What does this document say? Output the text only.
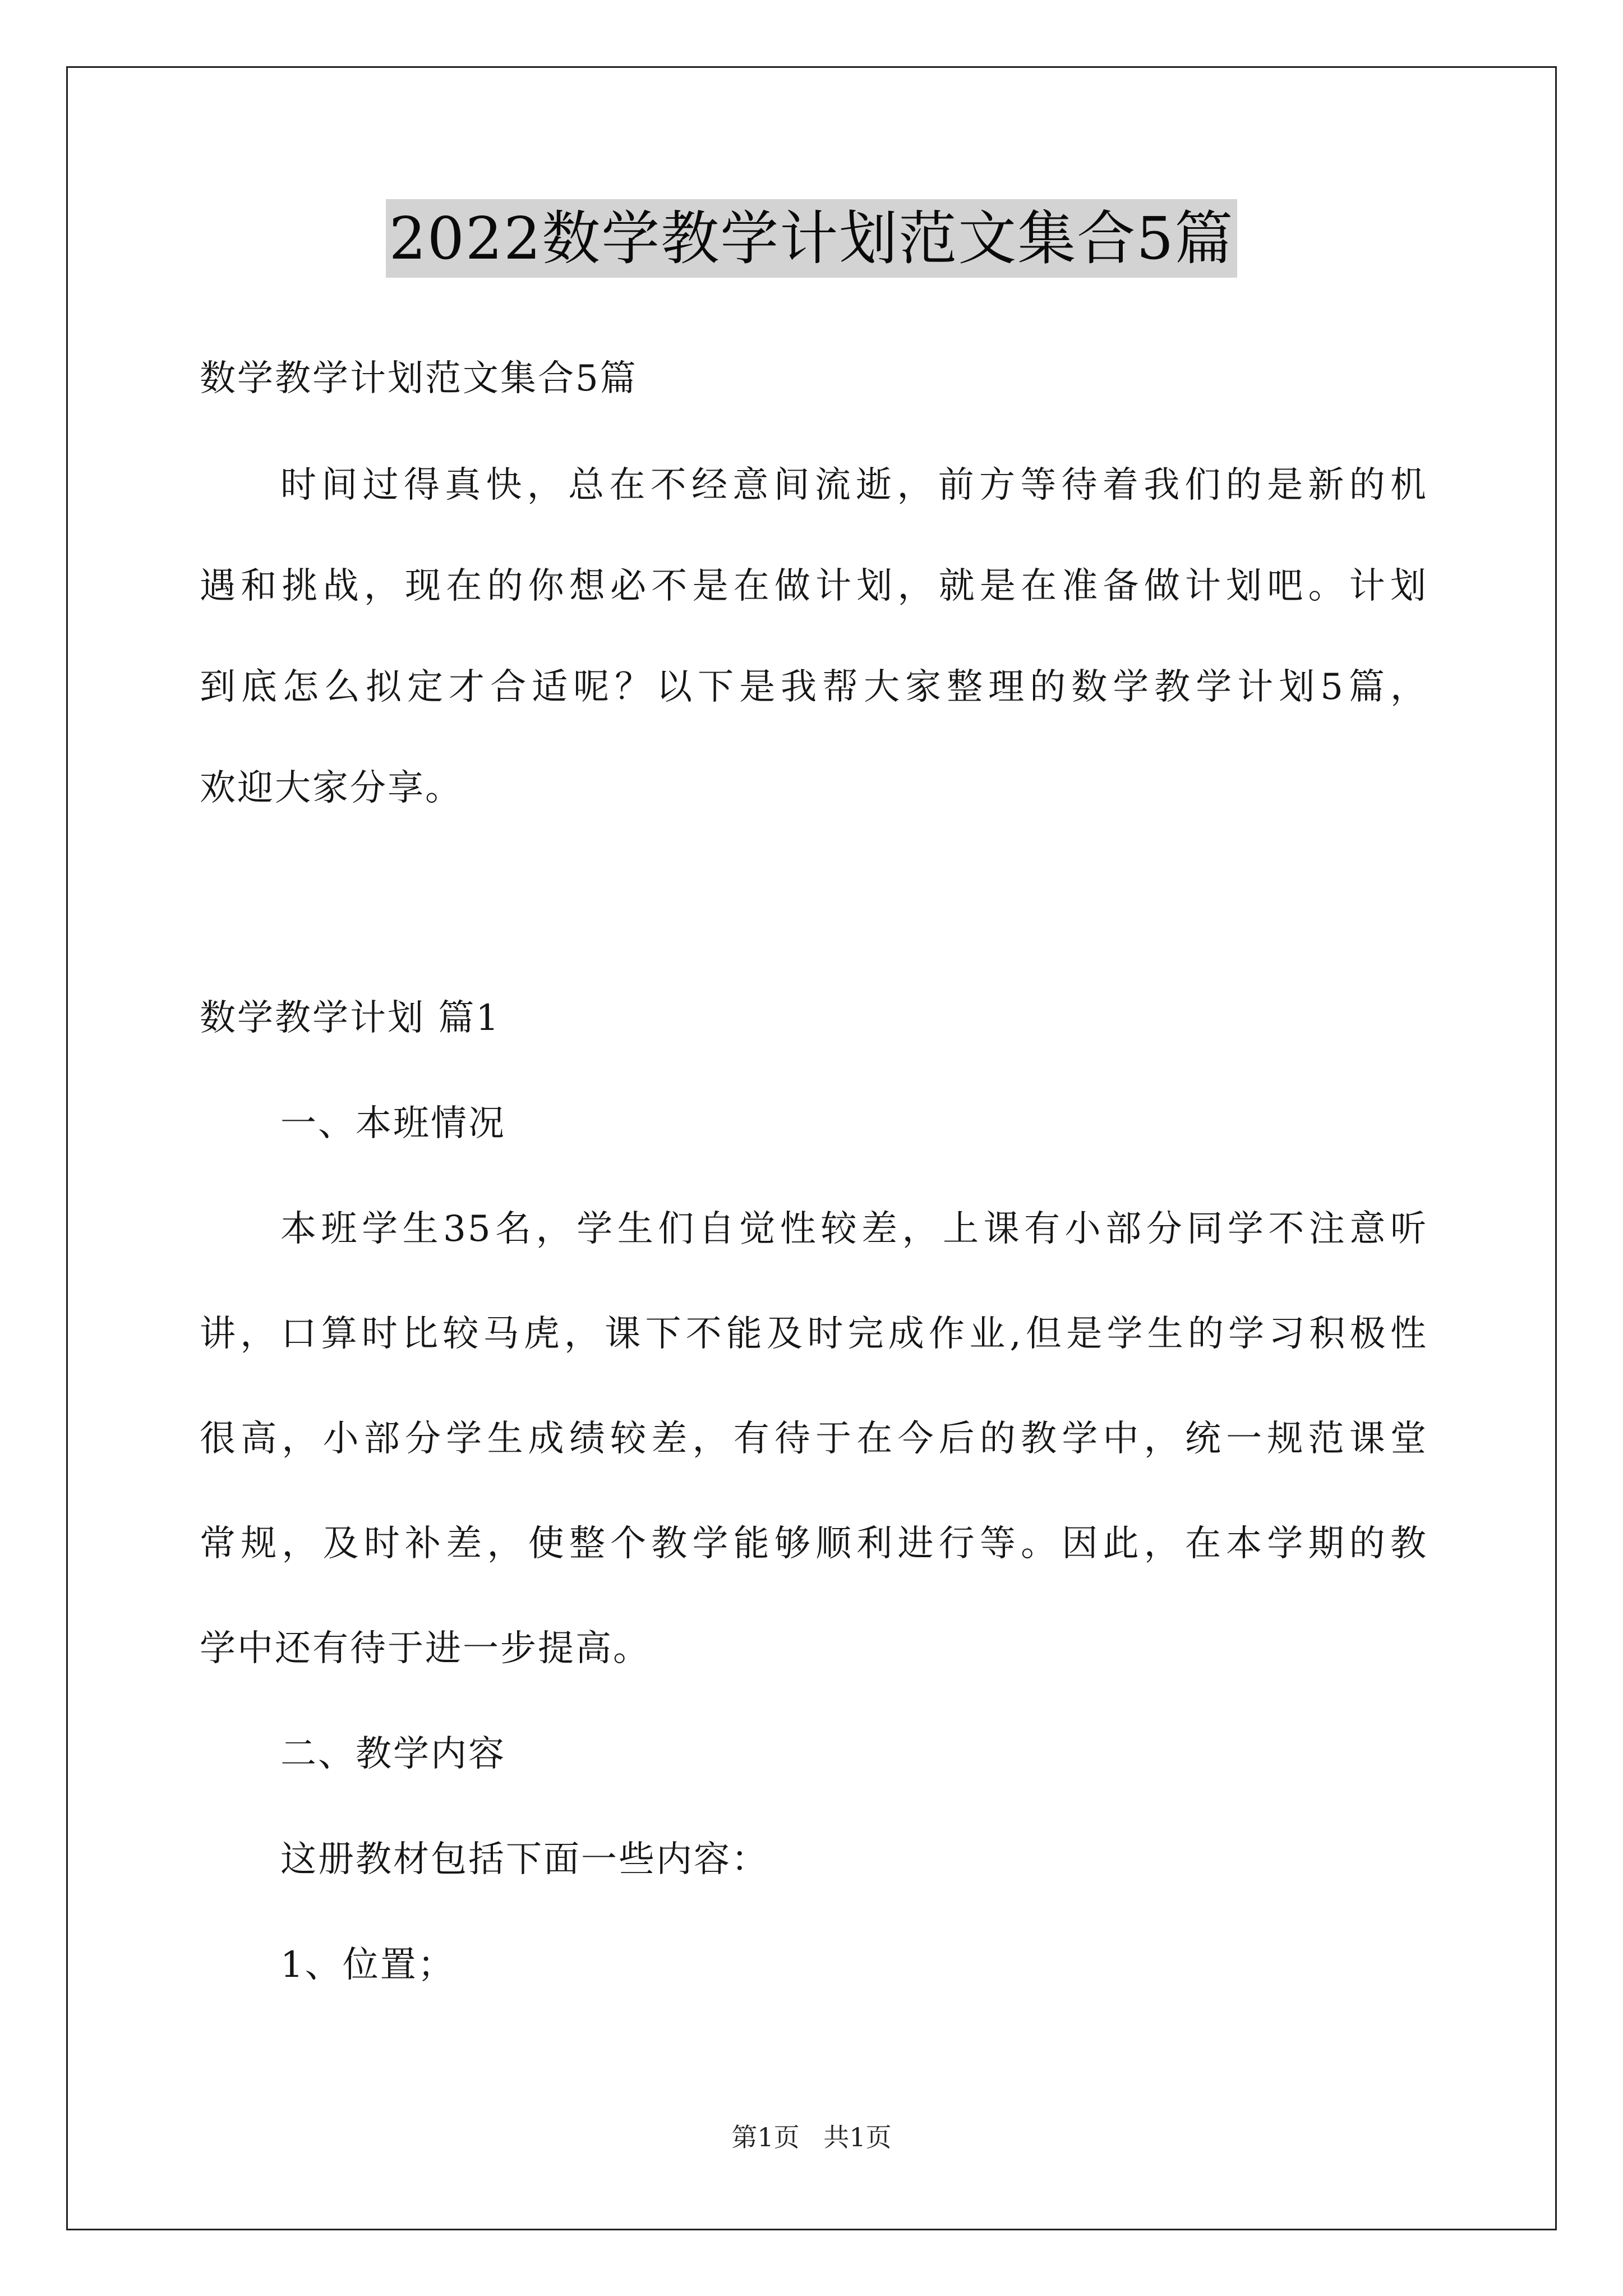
2022数学教学计划范文集合5篇
数学教学计划范文集合5篇
时间过得真快，总在不经意间流逝，前方等待着我们的是新的机
遇和挑战，现在的你想必不是在做计划，就是在准备做计划吧。计划
到底怎么拟定才合适呢？以下是我帮大家整理的数学教学计划5篇，
欢迎大家分享。
数学教学计划 篇1
一、本班情况
本班学生35名，学生们自觉性较差，上课有小部分同学不注意听
讲，口算时比较马虎，课下不能及时完成作业,但是学生的学习积极性
很高，小部分学生成绩较差，有待于在今后的教学中，统一规范课堂
常规，及时补差，使整个教学能够顺利进行等。因此，在本学期的教
学中还有待于进一步提高。
二、教学内容
这册教材包括下面一些内容：
1、位置；
第1页 共1页
